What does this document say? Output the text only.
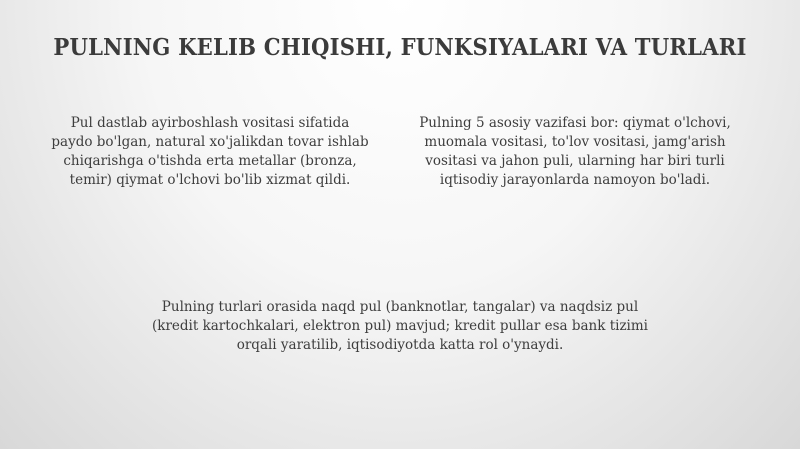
PULNING KELIB CHIQISHI, FUNKSIYALARI VA TURLARI
Pul dastlab ayirboshlash vositasi sifatida paydo bo'lgan, natural xo'jalikdan tovar ishlab chiqarishga o'tishda erta metallar (bronza, temir) qiymat o'lchovi bo'lib xizmat qildi.
Pulning 5 asosiy vazifasi bor: qiymat o'lchovi, muomala vositasi, to'lov vositasi, jamg'arish vositasi va jahon puli, ularning har biri turli iqtisodiy jarayonlarda namoyon bo'ladi.
Pulning turlari orasida naqd pul (banknotlar, tangalar) va naqdsiz pul (kredit kartochkalari, elektron pul) mavjud; kredit pullar esa bank tizimi orqali yaratilib, iqtisodiyotda katta rol o'ynaydi.
